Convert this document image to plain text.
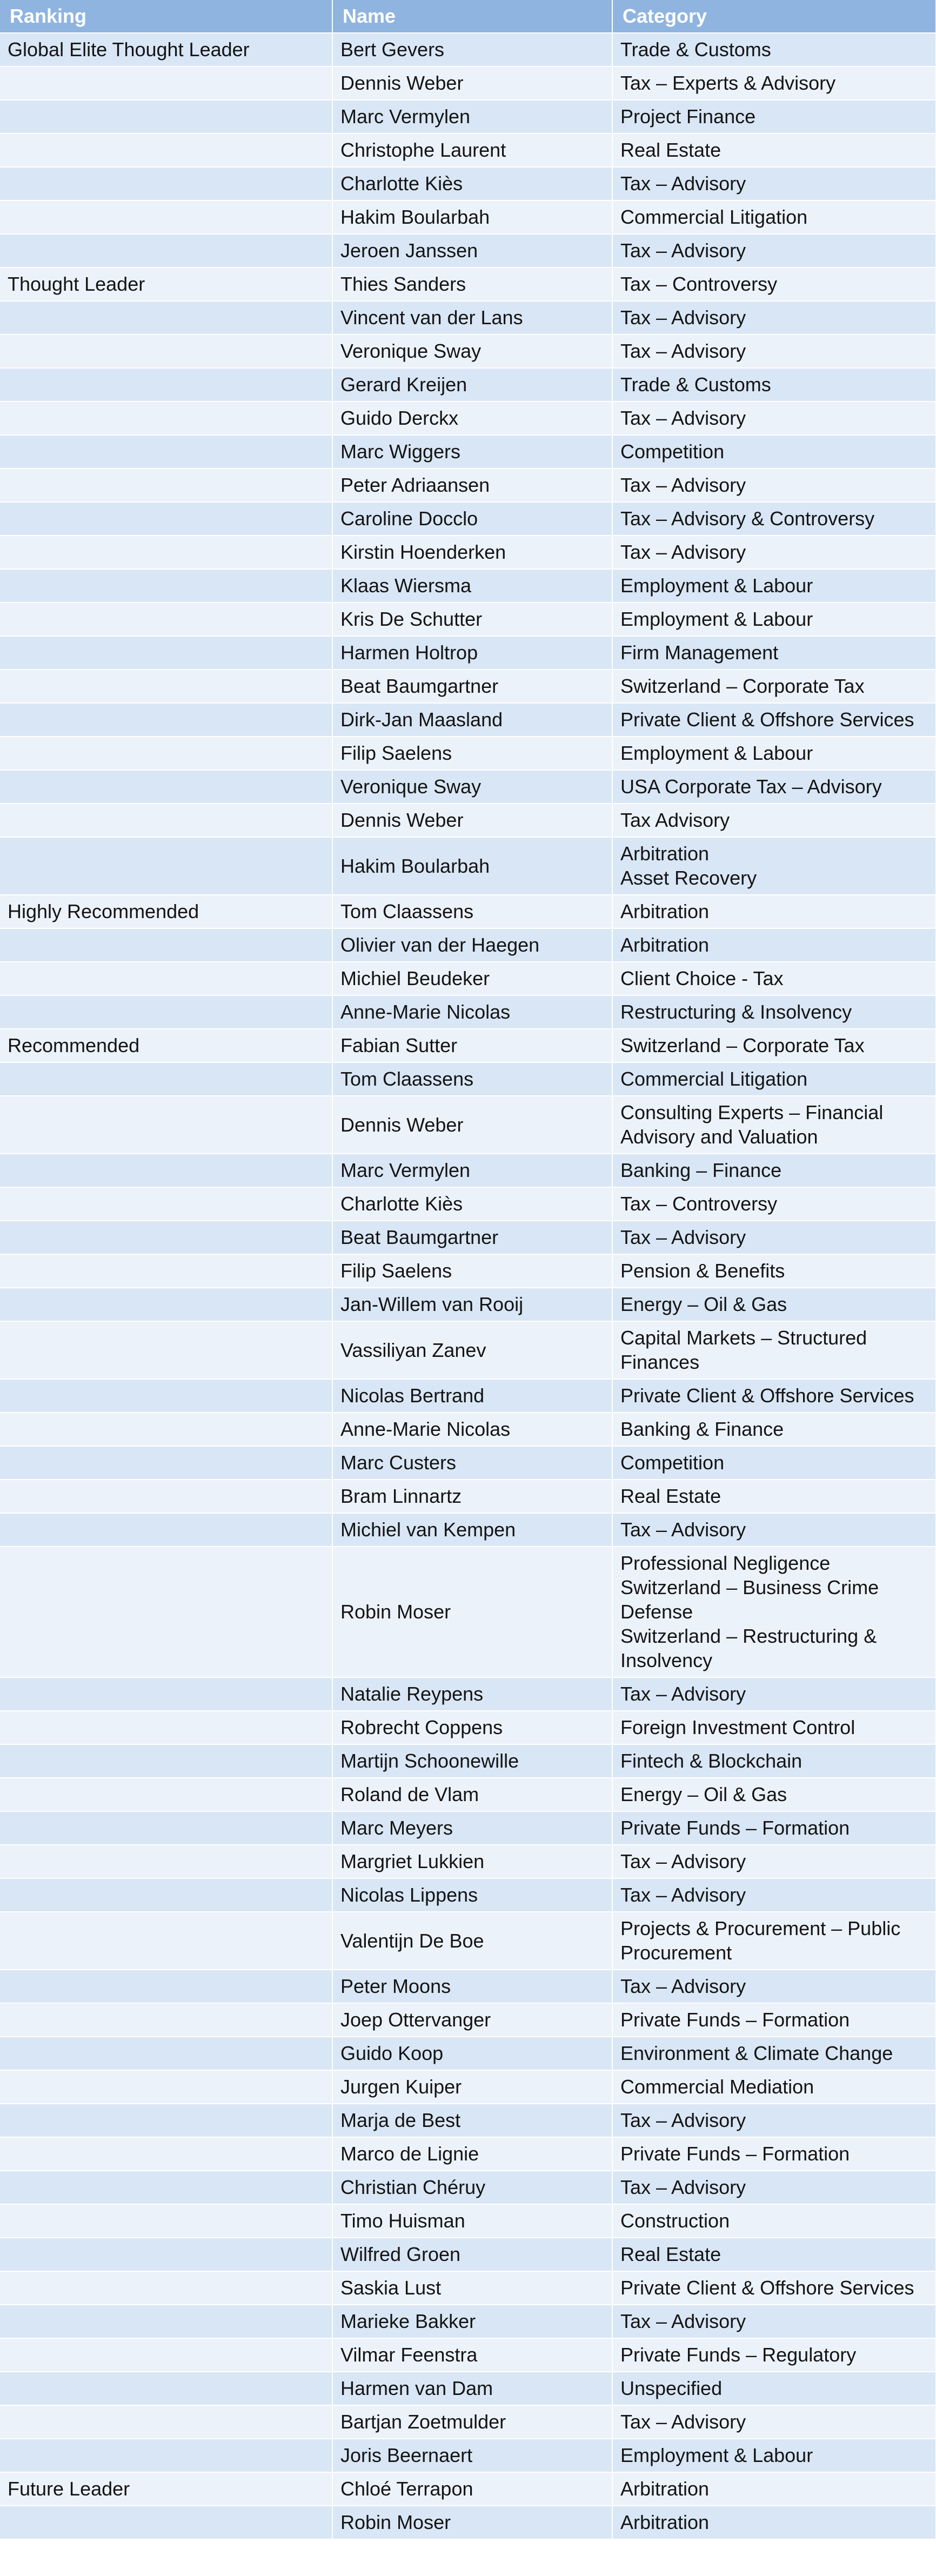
Ranking	Name	Category
Global Elite Thought Leader	Bert Gevers	Trade & Customs

	Dennis Weber	Tax – Experts & Advisory

	Marc Vermylen	Project Finance

	Christophe Laurent	Real Estate

	Charlotte Kiès	Tax – Advisory

	Hakim Boularbah	Commercial Litigation

	Jeroen Janssen	Tax – Advisory

Thought Leader	Thies Sanders	Tax – Controversy

	Vincent van der Lans	Tax – Advisory

	Veronique Sway	Tax – Advisory

	Gerard Kreijen	Trade & Customs

	Guido Derckx	Tax – Advisory

	Marc Wiggers	Competition

	Peter Adriaansen	Tax – Advisory

	Caroline Docclo	Tax – Advisory & Controversy

	Kirstin Hoenderken	Tax – Advisory

	Klaas Wiersma	Employment & Labour

	Kris De Schutter	Employment & Labour

	Harmen Holtrop	Firm Management

	Beat Baumgartner	Switzerland – Corporate Tax

	Dirk-Jan Maasland	Private Client & Offshore Services

	Filip Saelens	Employment & Labour

	Veronique Sway	USA Corporate Tax – Advisory

	Dennis Weber	Tax Advisory

	Hakim Boularbah	Arbitration
Asset Recovery

Highly Recommended	Tom Claassens	Arbitration

	Olivier van der Haegen	Arbitration

	Michiel Beudeker	Client Choice - Tax

	Anne-Marie Nicolas	Restructuring & Insolvency

Recommended	Fabian Sutter	Switzerland – Corporate Tax

	Tom Claassens	Commercial Litigation

	Dennis Weber	Consulting Experts – Financial Advisory and Valuation

	Marc Vermylen	Banking – Finance

	Charlotte Kiès	Tax – Controversy

	Beat Baumgartner	Tax – Advisory

	Filip Saelens	Pension & Benefits

	Jan-Willem van Rooij	Energy – Oil & Gas

	Vassiliyan Zanev	Capital Markets – Structured Finances

	Nicolas Bertrand	Private Client & Offshore Services

	Anne-Marie Nicolas	Banking & Finance

	Marc Custers	Competition

	Bram Linnartz	Real Estate

	Michiel van Kempen	Tax – Advisory

	Robin Moser	Professional Negligence
Switzerland – Business Crime Defense
Switzerland – Restructuring & Insolvency

	Natalie Reypens	Tax – Advisory

	Robrecht Coppens	Foreign Investment Control

	Martijn Schoonewille	Fintech & Blockchain

	Roland de Vlam	Energy – Oil & Gas

	Marc Meyers	Private Funds – Formation

	Margriet Lukkien	Tax – Advisory

	Nicolas Lippens	Tax – Advisory

	Valentijn De Boe	Projects & Procurement – Public Procurement

	Peter Moons	Tax – Advisory

	Joep Ottervanger	Private Funds – Formation

	Guido Koop	Environment & Climate Change

	Jurgen Kuiper	Commercial Mediation

	Marja de Best	Tax – Advisory

	Marco de Lignie	Private Funds – Formation

	Christian Chéruy	Tax – Advisory

	Timo Huisman	Construction

	Wilfred Groen	Real Estate

	Saskia Lust	Private Client & Offshore Services

	Marieke Bakker	Tax – Advisory

	Vilmar Feenstra	Private Funds – Regulatory

	Harmen van Dam	Unspecified

	Bartjan Zoetmulder	Tax – Advisory

	Joris Beernaert	Employment & Labour

Future Leader	Chloé Terrapon	Arbitration

	Robin Moser	Arbitration
